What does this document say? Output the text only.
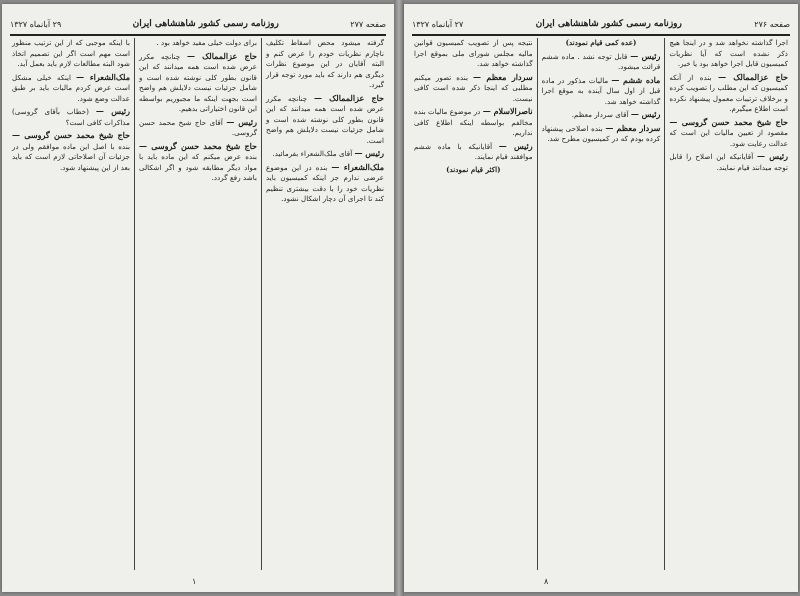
صفحه ۲۷۷
روزنامه رسمی کشور شاهنشاهی ایران
۲۹ آبانماه ۱۳۲۷

گرفته میشود محض اسقاط تکلیف ناچارم نظریات خودم را عرض کنم و البته آقایان در این موضوع نظرات دیگری هم دارند که باید مورد توجه قرار گیرد.

حاج عزالممالک — چنانچه مکرر عرض شده است همه میدانند که این قانون بطور کلی نوشته شده است و شامل جزئیات نیست دلایلش هم واضح است.

رئیس — آقای ملک‌الشعراء بفرمائید.

ملک‌الشعراء — بنده در این موضوع عرضی ندارم جز اینکه کمیسیون باید نظریات خود را با دقت بیشتری تنظیم کند تا اجرای آن دچار اشکال نشود.

برای دولت خیلی مفید خواهد بود .

حاج عزالممالک — چنانچه مکرر عرض شده است همه میدانند که این قانون بطور کلی نوشته شده است و شامل جزئیات نیست دلایلش هم واضح است بجهت اینکه ما مجبوریم بواسطه این قانون اختیاراتی بدهیم.

رئیس — آقای حاج شیخ محمد حسن گروسی.

حاج شیخ محمد حسن گروسی — بنده عرض میکنم که این ماده باید با مواد دیگر مطابقه شود و اگر اشکالی باشد رفع گردد.

با اینکه موجبی که از این ترتیب منظور است مهم است اگر این تصمیم اتخاذ شود البته مطالعات لازم باید بعمل آید.

ملک‌الشعراء — اینکه خیلی مشکل است عرض کردم مالیات باید بر طبق عدالت وضع شود.

رئیس — (خطاب بآقای گروسی) مذاکرات کافی است؟

حاج شیخ محمد حسن گروسی — بنده با اصل این ماده موافقم ولی در جزئیات آن اصلاحاتی لازم است که باید بعد از این پیشنهاد شود.

۱
صفحه ۲۷۶
روزنامه رسمی کشور شاهنشاهی ایران
۲۷ آبانماه ۱۳۲۷

اجرا گذاشته نخواهد شد و در اینجا هیچ ذکر نشده است که آیا نظریات کمیسیون قابل اجرا خواهد بود یا خیر.

حاج عزالممالک — بنده از آنکه کمیسیون که این مطلب را تصویب کرده و برخلاف ترتیبات معمول پیشنهاد نکرده است اطلاع میگیرم.

حاج شیخ محمد حسن گروسی — مقصود از تعیین مالیات این است که عدالت رعایت شود.

رئیس — آقایانیکه این اصلاح را قابل توجه میدانند قیام نمایند.

(عده کمی قیام نمودند)

رئیس — قابل توجه نشد . ماده ششم قرائت میشود.

ماده ششم — مالیات مذکور در ماده قبل از اول سال آینده به موقع اجرا گذاشته خواهد شد.

رئیس — آقای سردار معظم.

سردار معظم — بنده اصلاحی پیشنهاد کرده بودم که در کمیسیون مطرح شد.

نتیجه پس از تصویب کمیسیون قوانین مالیه مجلس شورای ملی بموقع اجرا گذاشته خواهد شد.

سردار معظم — بنده تصور میکنم مطلبی که اینجا ذکر شده است کافی نیست.

ناصرالاسلام — در موضوع مالیات بنده مخالفم بواسطه اینکه اطلاع کافی نداریم.

رئیس — آقایانیکه با ماده ششم موافقند قیام نمایند.

(اکثر قیام نمودند)

۸
